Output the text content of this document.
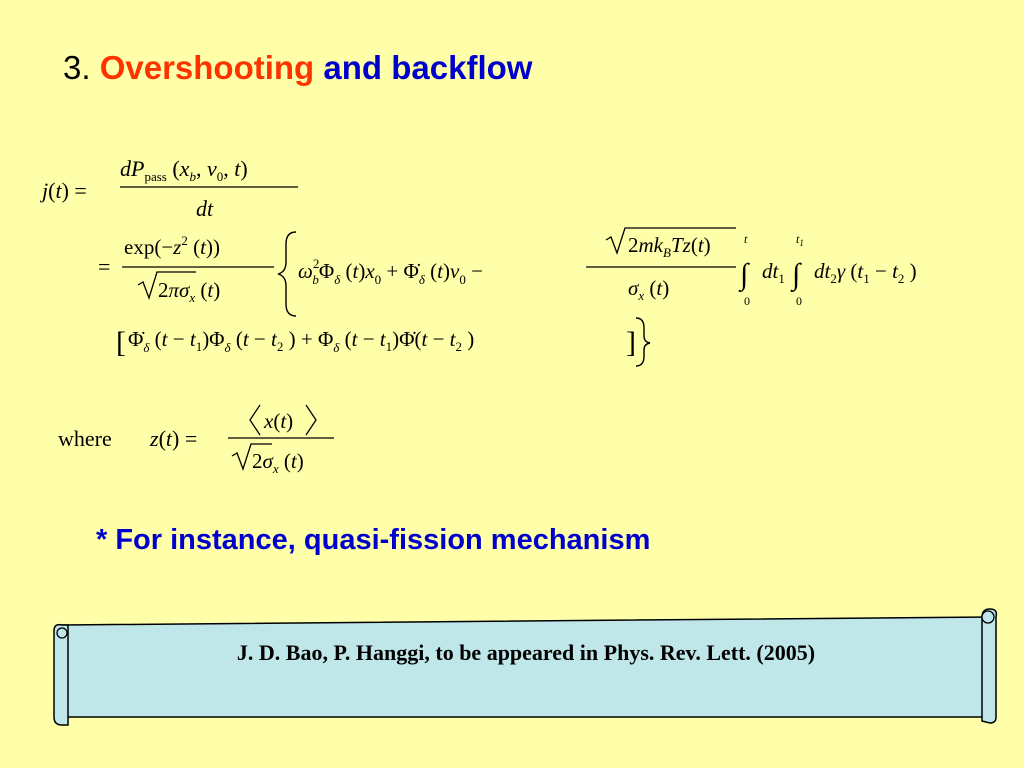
3. Overshooting and backflow
j(t) =
$dP_{pass}$ ($x_b$, $v_0$, t)
dt
=
$\exp(-z^2$ (t))
$2\pi\sigma_x$ (t)
$\omega^2$ $b\Phi_\delta$ $(t)x_0$ + $\Phi̇_\delta$ $(t)v_0$ −
$2mk_BTz(t)$
$\sigma_x$ (t)
t
∫
0
$dt_1$
$t_1$
∫
0
$dt_2\gamma$ ($t_1 - t_2$ )
[ $\Phi̇_\delta$ $(t - t_1)\Phi_\delta$ ($t - t_2$ ) + $\Phi_\delta$ $(t - t_1)\Phi̇(t - t_2$ )	]
where z(t) =
x(t)
$2\sigma_x$ (t)
* For instance, quasi-fission mechanism
J. D. Bao, P. Hanggi, to be appeared in Phys. Rev. Lett. (2005)
